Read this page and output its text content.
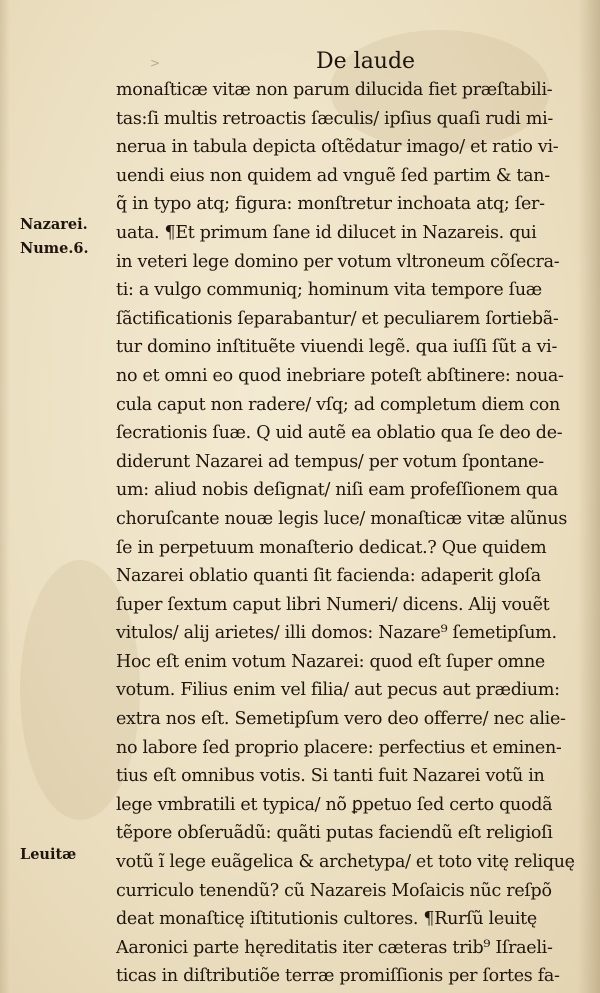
>	De laude
Nazarei.
Nume.6.
Leuitæ
monaſticæ vitæ non parum dilucida fiet præſtabili-
tas:ſi multis retroactis ſæculis/ ipſius quaſi rudi mi-
nerua in tabula depicta oſtẽdatur imago/ et ratio vi-
uendi eius non quidem ad vnguẽ ſed partim & tan-
q̃ in typo atq; figura: monſtretur inchoata atq; ſer-
uata. ¶Et primum ſane id dilucet in Nazareis. qui
in veteri lege domino per votum vltroneum cõſecra-
ti: a vulgo communiq; hominum vita tempore ſuæ
ſãctificationis ſeparabantur/ et peculiarem ſortiebã-
tur domino inſtituẽte viuendi legẽ. qua iuſſi ſũt a vi-
no et omni eo quod inebriare poteſt abſtinere: noua-
cula caput non radere/ vſq; ad completum diem con
ſecrationis ſuæ. Q uid autẽ ea oblatio qua ſe deo de-
diderunt Nazarei ad tempus/ per votum ſpontane-
um: aliud nobis deſignat/ niſi eam profeſſionem qua
choruſcante nouæ legis luce/ monaſticæ vitæ alũnus
ſe in perpetuum monaſterio dedicat.? Que quidem
Nazarei oblatio quanti ſit facienda: adaperit gloſa
ſuper ſextum caput libri Numeri/ dicens. Alij vouẽt
vitulos/ alij arietes/ illi domos: Nazare⁹ ſemetipſum.
Hoc eſt enim votum Nazarei: quod eſt ſuper omne
votum. Filius enim vel filia/ aut pecus aut prædium:
extra nos eſt. Semetipſum vero deo offerre/ nec alie-
no labore ſed proprio placere: perfectius et eminen-
tius eſt omnibus votis. Si tanti fuit Nazarei votũ in
lege vmbratili et typica/ nõ ꝑpetuo ſed certo quodã
tẽpore obſeruãdũ: quãti putas faciendũ eſt religioſi
votũ ĩ lege euãgelica & archetypa/ et toto vitę reliquę
curriculo tenendũ? cũ Nazareis Moſaicis nũc reſpõ
deat monaſticę iſtitutionis cultores. ¶Rurſũ leuitę
Aaronici parte hęreditatis iter cæteras trib⁹ Iſraeli-
ticas in diſtributiõe terræ promiſſionis per ſortes fa-
